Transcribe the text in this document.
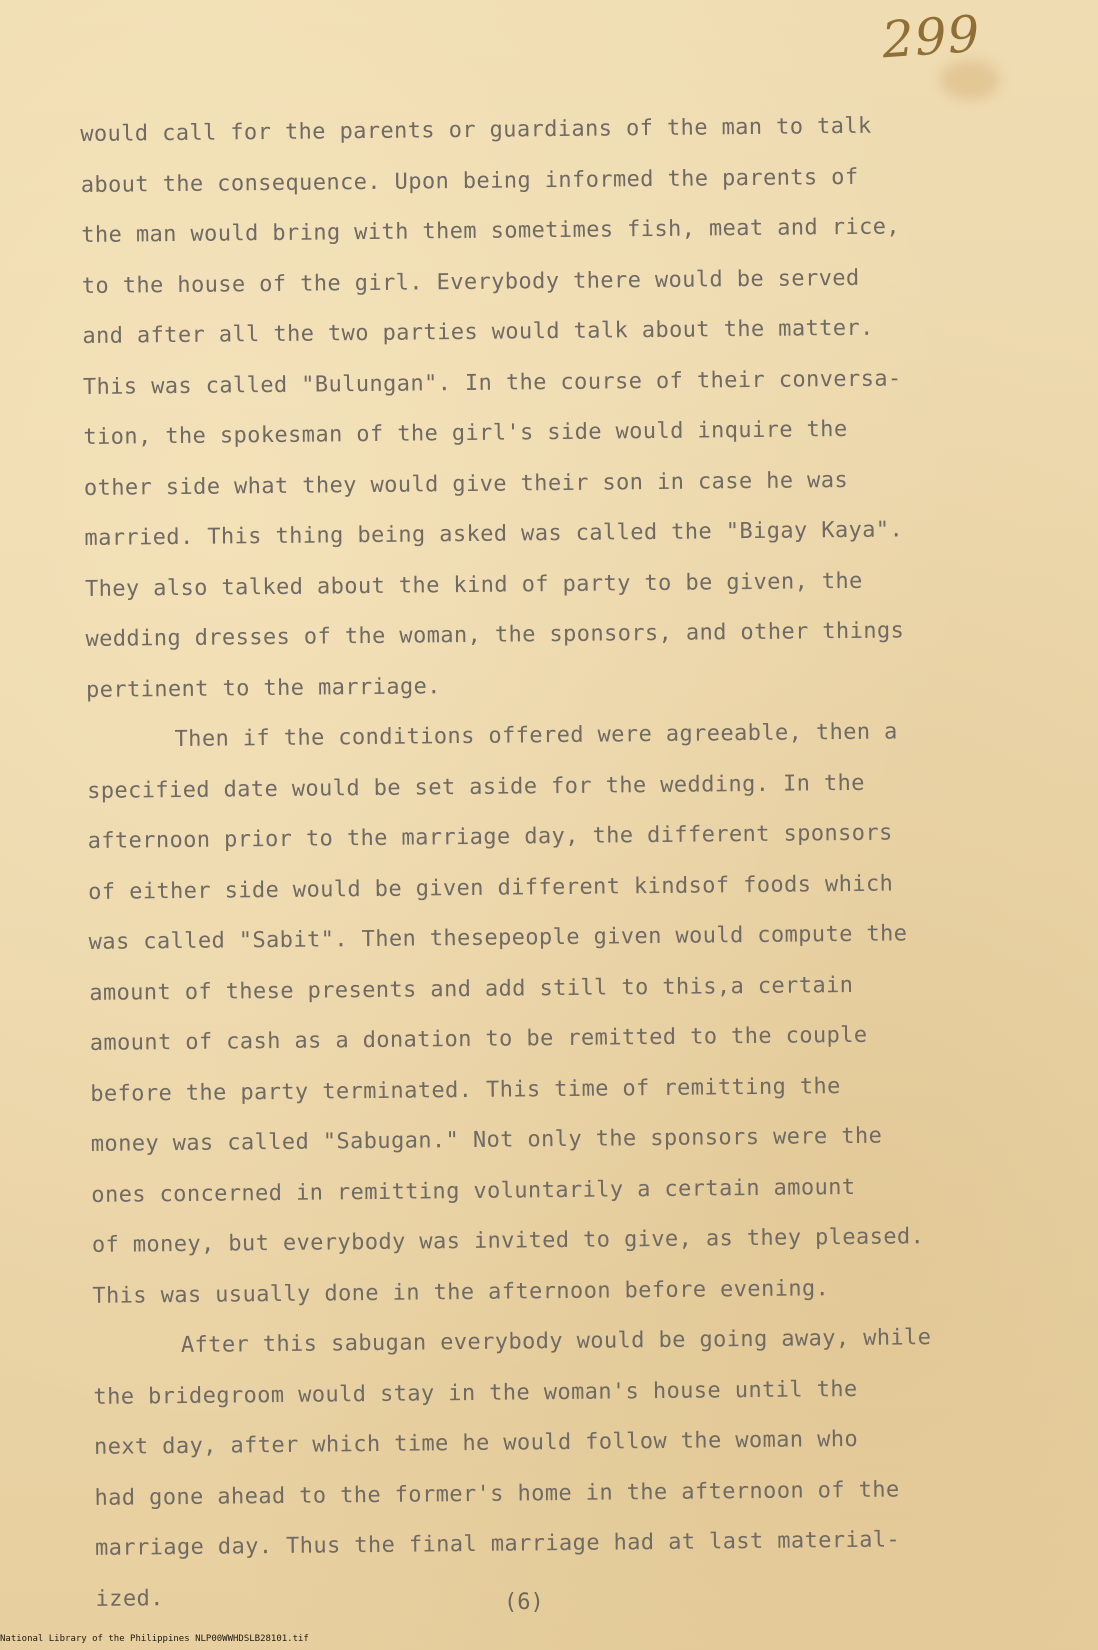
299

would call for the parents or guardians of the man to talk

about the consequence. Upon being informed the parents of

the man would bring with them sometimes fish, meat and rice,

to the house of the girl. Everybody there would be served

and after all the two parties would talk about the matter.

This was called "Bulungan". In the course of their conversa-

tion, the spokesman of the girl's side would inquire the

other side what they would give their son in case he was

married. This thing being asked was called the "Bigay Kaya".

They also talked about the kind of party to be given, the

wedding dresses of the woman, the sponsors, and other things

pertinent to the marriage.

Then if the conditions offered were agreeable, then a

specified date would be set aside for the wedding. In the

afternoon prior to the marriage day, the different sponsors

of either side would be given different kindsof foods which

was called "Sabit". Then thesepeople given would compute the

amount of these presents and add still to this,a certain

amount of cash as a donation to be remitted to the couple

before the party terminated. This time of remitting the

money was called "Sabugan." Not only the sponsors were the

ones concerned in remitting voluntarily a certain amount

of money, but everybody was invited to give, as they pleased.

This was usually done in the afternoon before evening.

After this sabugan everybody would be going away, while

the bridegroom would stay in the woman's house until the

next day, after which time he would follow the woman who

had gone ahead to the former's home in the afternoon of the

marriage day. Thus the final marriage had at last material-

ized.	(6)

National Library of the Philippines NLP00WWHDSLB28101.tif
